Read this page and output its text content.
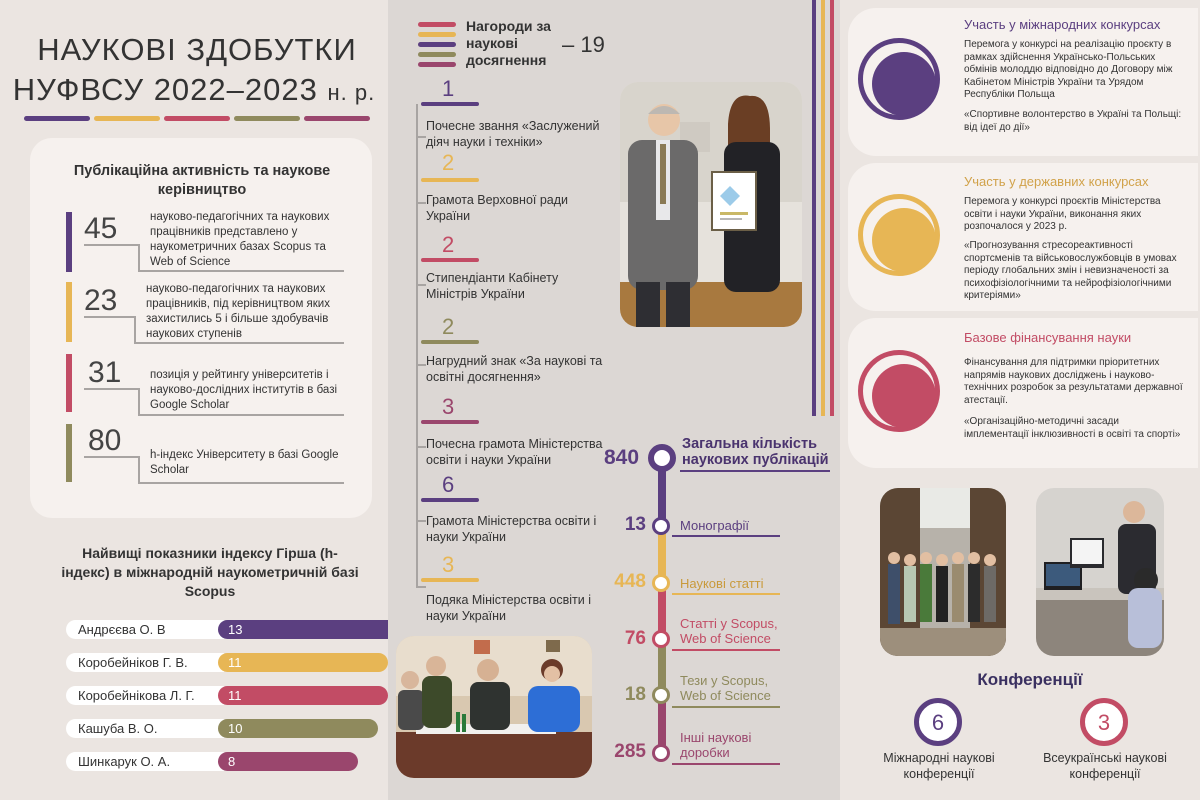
НАУКОВІ ЗДОБУТКИ
НУФВСУ 2022–2023 н. р.
Публікаційна активність та наукове керівництво
45	науково-педагогічних та наукових працівників представлено у наукометричних базах Scopus та Web of Science
23 науково-педагогічних та наукових працівників, під керівництвом яких захистились 5 і більше здобувачів наукових ступенів
31 позиція у рейтингу університетів і науково-дослідних інститутів в базі Google Scholar
80 h-індекс Університету в базі Google Scholar
Найвищі показники індексу Гірша (h-індекс) в міжнародній наукометричній базі Scopus
Андрєєва О. В	13
Коробейніков Г. В.	11
Коробейнікова Л. Г.	11
Кашуба В. О.	10
Шинкарук О. А.	8
Нагороди за наукові досягнення
– 19
1
Почесне звання «Заслужений діяч науки і техніки»
2
Грамота Верховної ради України
2
Стипендіанти Кабінету Міністрів України
2
Нагрудний знак «За наукові та освітні досягнення»
3
Почесна грамота Міністерства освіти і науки України
6
Грамота Міністерства освіти і науки України
3
Подяка Міністерства освіти і науки України
840
Загальна кількість наукових публікацій
13	Монографії
448	Наукові статті
76
Статті у Scopus, Web of Science
18
Тези у Scopus, Web of Science
285
Інші наукові доробки
Участь у міжнародних конкурсах
Перемога у конкурсі на реалізацію проєкту в рамках здійснення Українсько-Польських обмінів молоддю відповідно до Договору між Кабінетом Міністрів України та Урядом Республіки Польща
«Спортивне волонтерство в Україні та Польщі: від ідеї до дії»
Участь у державних конкурсах
Перемога у конкурсі проєктів Міністерства освіти і науки України, виконання яких розпочалося у 2023 р.
«Прогнозування стресореактивності спортсменів та військовослужбовців в умовах періоду глобальних змін і невизначеності за психофізіологічними та нейрофізіологічними критеріями»
Базове фінансування науки
Фінансування для підтримки пріоритетних напрямів наукових досліджень і науково-технічних розробок за результатами державної атестації.
«Організаційно-методичні засади імплементації інклюзивності в освіті та спорті»
Конференції
6
Міжнародні наукові конференції
3
Всеукраїнські наукові конференції
